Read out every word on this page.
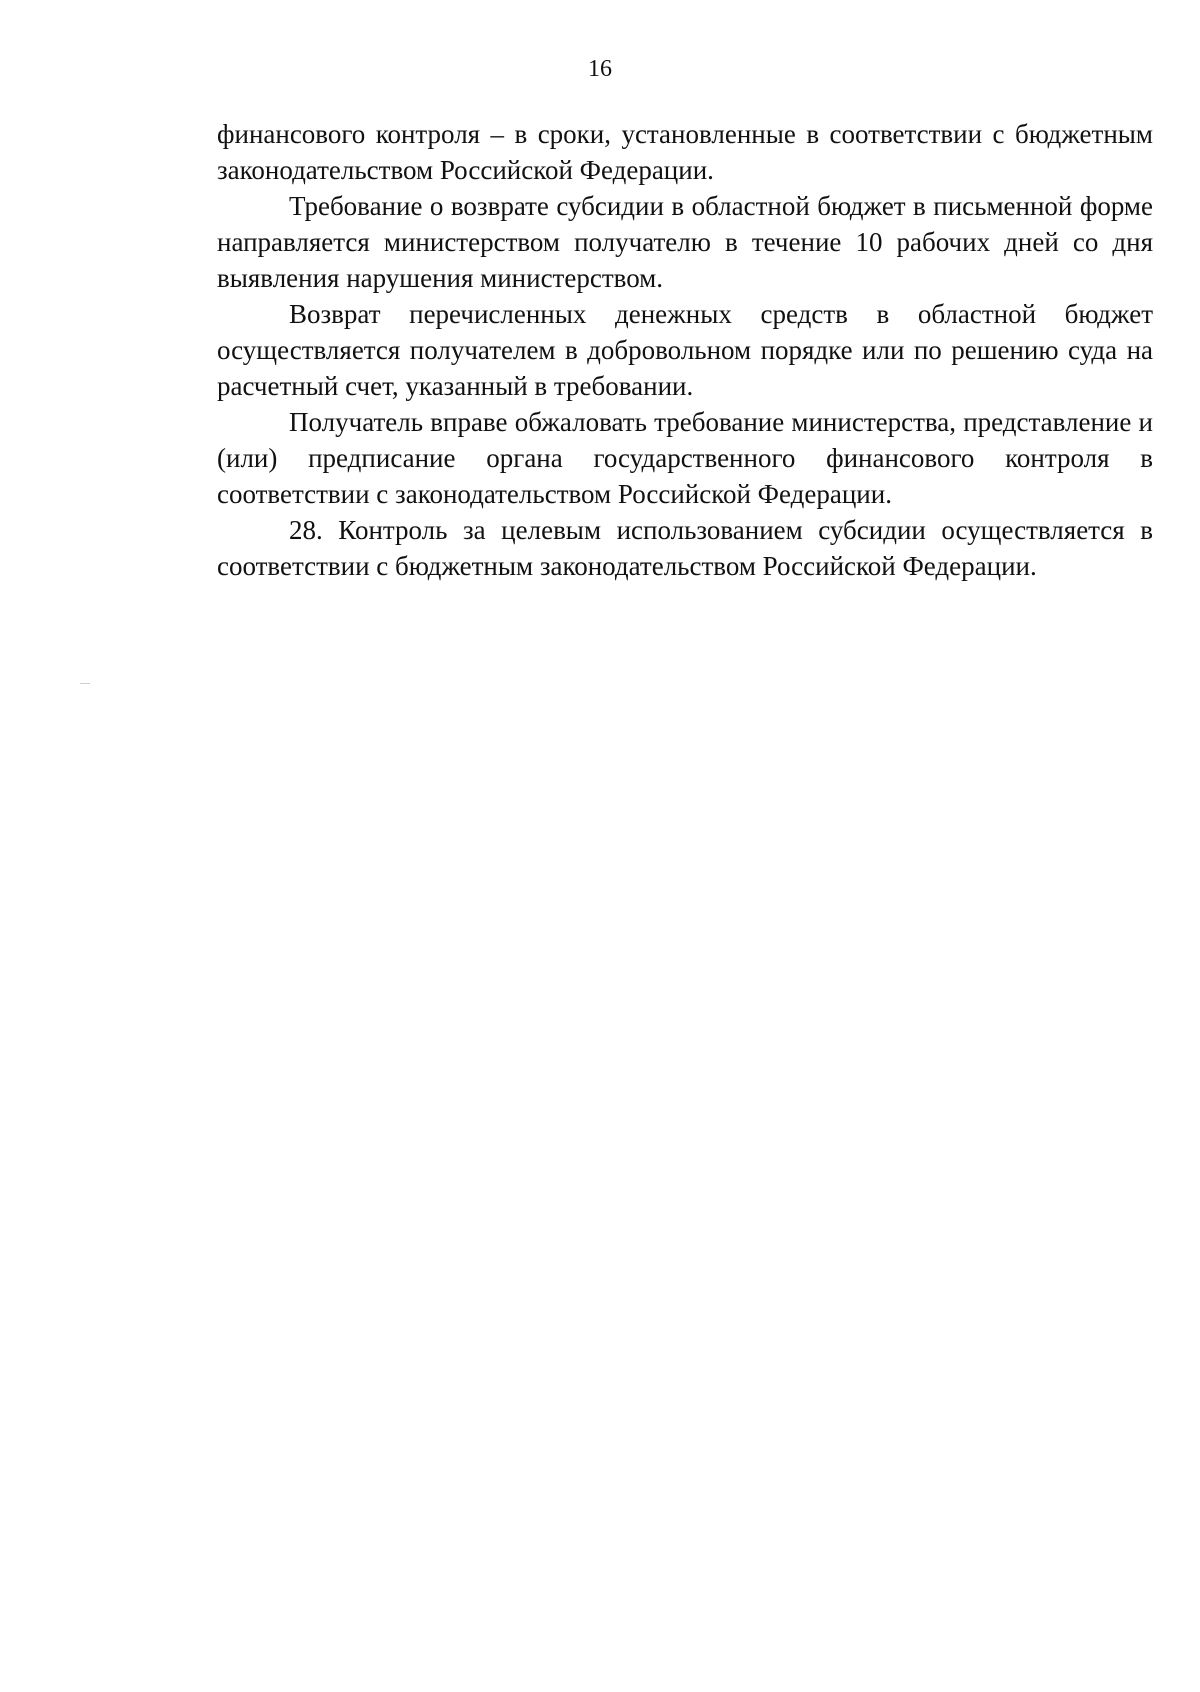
16

финансового контроля – в сроки, установленные в соответствии с бюджетным законодательством Российской Федерации.

Требование о возврате субсидии в областной бюджет в письменной форме направляется министерством получателю в течение 10 рабочих дней со дня выявления нарушения министерством.

Возврат перечисленных денежных средств в областной бюджет осуществляется получателем в добровольном порядке или по решению суда на расчетный счет, указанный в требовании.

Получатель вправе обжаловать требование министерства, представление и (или) предписание органа государственного финансового контроля в соответствии с законодательством Российской Федерации.

28. Контроль за целевым использованием субсидии осуществляется в соответствии с бюджетным законодательством Российской Федерации.
